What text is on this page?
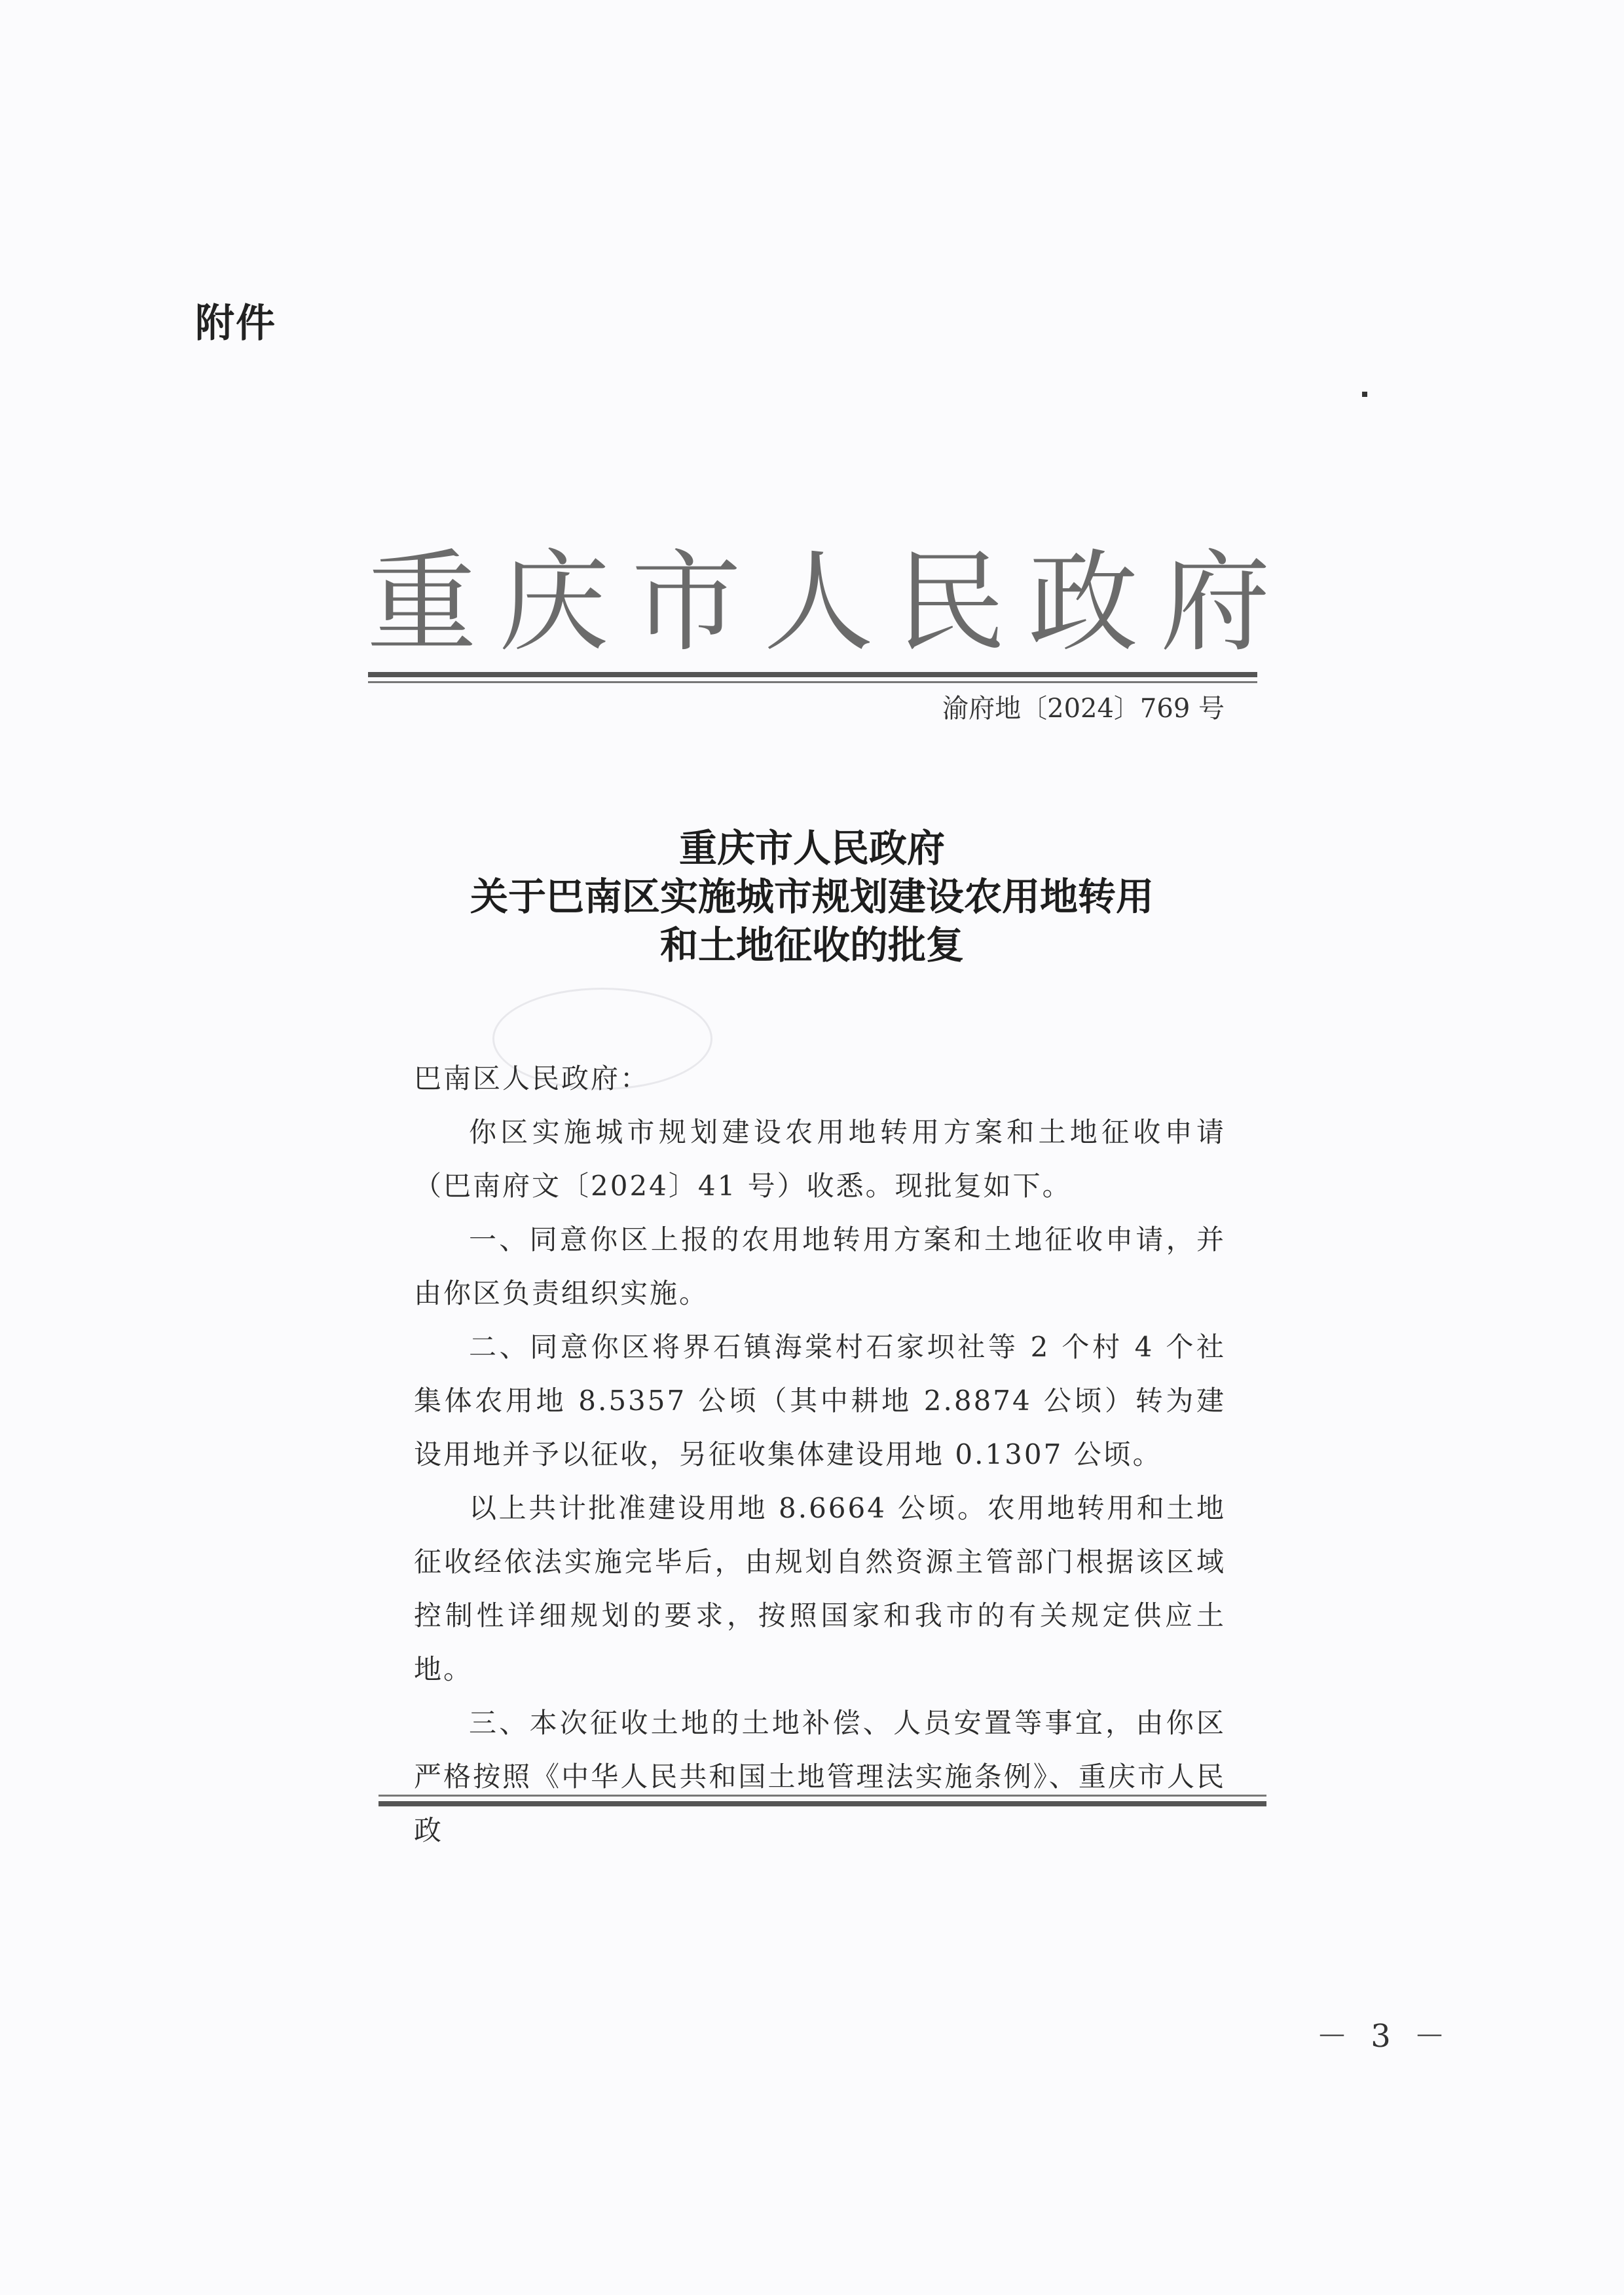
附件
重庆市人民政府
渝府地〔2024〕769 号
重庆市人民政府
关于巴南区实施城市规划建设农用地转用
和土地征收的批复

巴南区人民政府：

你区实施城市规划建设农用地转用方案和土地征收申请（巴南府文〔2024〕41 号）收悉。现批复如下。

一、同意你区上报的农用地转用方案和土地征收申请，并由你区负责组织实施。

二、同意你区将界石镇海棠村石家坝社等 2 个村 4 个社集体农用地 8.5357 公顷（其中耕地 2.8874 公顷）转为建设用地并予以征收，另征收集体建设用地 0.1307 公顷。

以上共计批准建设用地 8.6664 公顷。农用地转用和土地征收经依法实施完毕后，由规划自然资源主管部门根据该区域控制性详细规划的要求，按照国家和我市的有关规定供应土地。

三、本次征收土地的土地补偿、人员安置等事宜，由你区严格按照《中华人民共和国土地管理法实施条例》、重庆市人民政

－ 3 －
